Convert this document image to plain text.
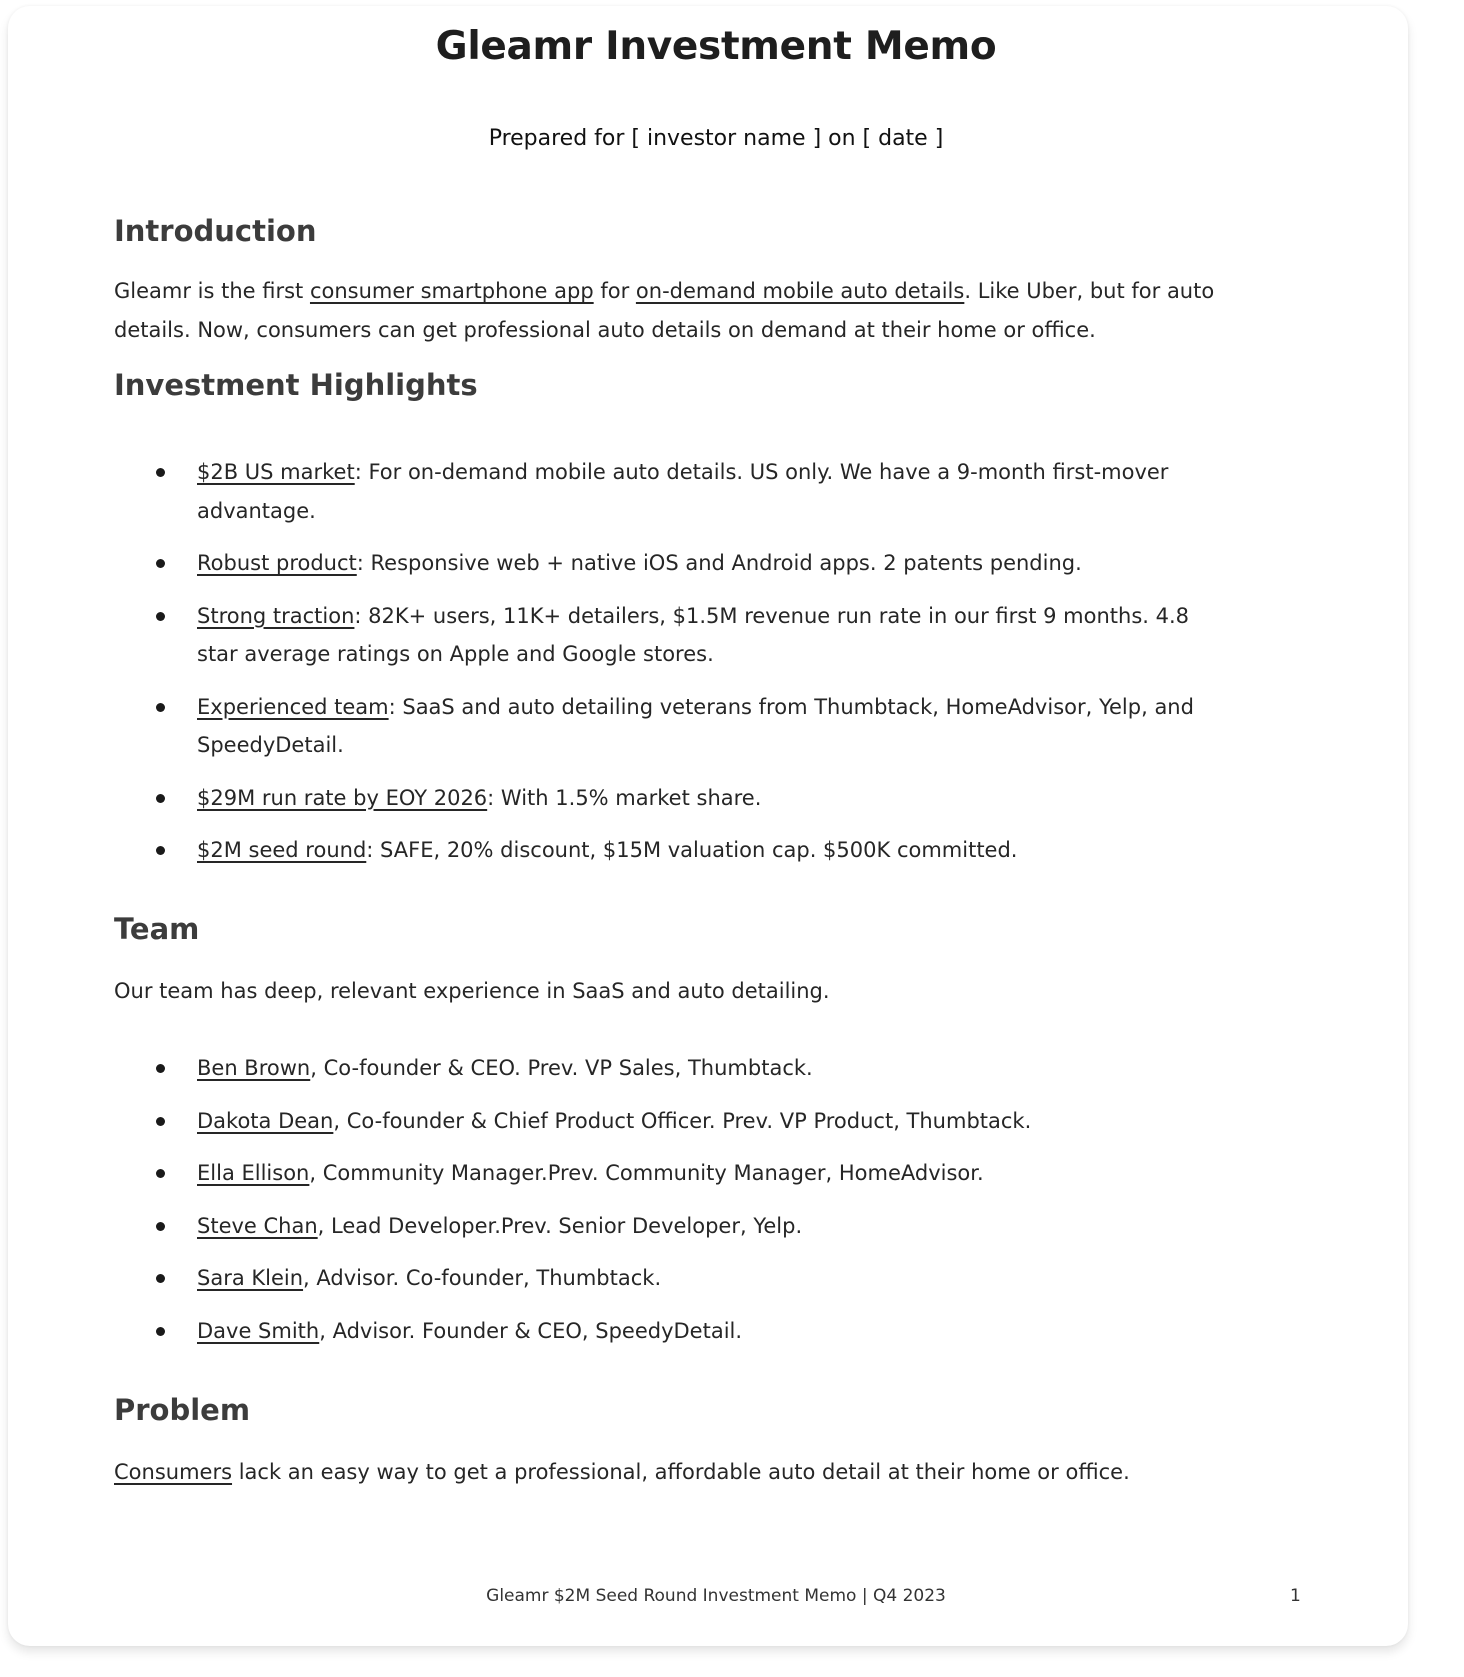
Gleamr Investment Memo
Prepared for [ investor name ] on [ date ]
Introduction
Gleamr is the first consumer smartphone app for on-demand mobile auto details. Like Uber, but for auto details. Now, consumers can get professional auto details on demand at their home or office.
Investment Highlights
$2B US market: For on-demand mobile auto details. US only. We have a 9-month first-mover advantage.
Robust product: Responsive web + native iOS and Android apps. 2 patents pending.
Strong traction: 82K+ users, 11K+ detailers, $1.5M revenue run rate in our first 9 months. 4.8 star average ratings on Apple and Google stores.
Experienced team: SaaS and auto detailing veterans from Thumbtack, HomeAdvisor, Yelp, and SpeedyDetail.
$29M run rate by EOY 2026: With 1.5% market share.
$2M seed round: SAFE, 20% discount, $15M valuation cap. $500K committed.
Team
Our team has deep, relevant experience in SaaS and auto detailing.
Ben Brown, Co-founder & CEO. Prev. VP Sales, Thumbtack.
Dakota Dean, Co-founder & Chief Product Officer. Prev. VP Product, Thumbtack.
Ella Ellison, Community Manager.Prev. Community Manager, HomeAdvisor.
Steve Chan, Lead Developer.Prev. Senior Developer, Yelp.
Sara Klein, Advisor. Co-founder, Thumbtack.
Dave Smith, Advisor. Founder & CEO, SpeedyDetail.
Problem
Consumers lack an easy way to get a professional, affordable auto detail at their home or office.
Gleamr $2M Seed Round Investment Memo | Q4 2023	1
